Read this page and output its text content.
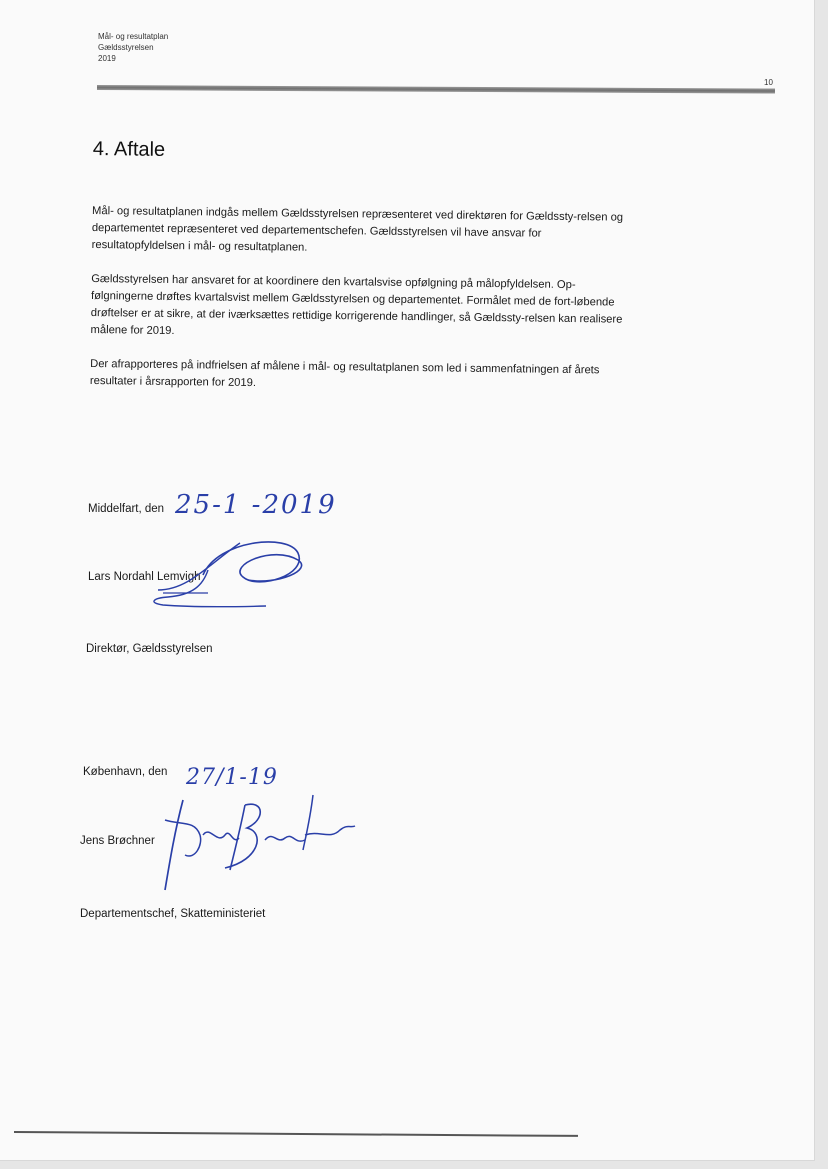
Mål- og resultatplan
Gældsstyrelsen
2019
10
4. Aftale

Mål- og resultatplanen indgås mellem Gældsstyrelsen repræsenteret ved direktøren for Gældssty-relsen og departementet repræsenteret ved departementschefen. Gældsstyrelsen vil have ansvar for resultatopfyldelsen i mål- og resultatplanen.

Gældsstyrelsen har ansvaret for at koordinere den kvartalsvise opfølgning på målopfyldelsen. Op-følgningerne drøftes kvartalsvist mellem Gældsstyrelsen og departementet. Formålet med de fort-løbende drøftelser er at sikre, at der iværksættes rettidige korrigerende handlinger, så Gældssty-relsen kan realisere målene for 2019.

Der afrapporteres på indfrielsen af målene i mål- og resultatplanen som led i sammenfatningen af årets resultater i årsrapporten for 2019.

Middelfart, den 25-1 -2019
Lars Nordahl Lemvigh
Direktør, Gældsstyrelsen
København, den 27/1-19
Jens Brøchner
Departementschef, Skatteministeriet
